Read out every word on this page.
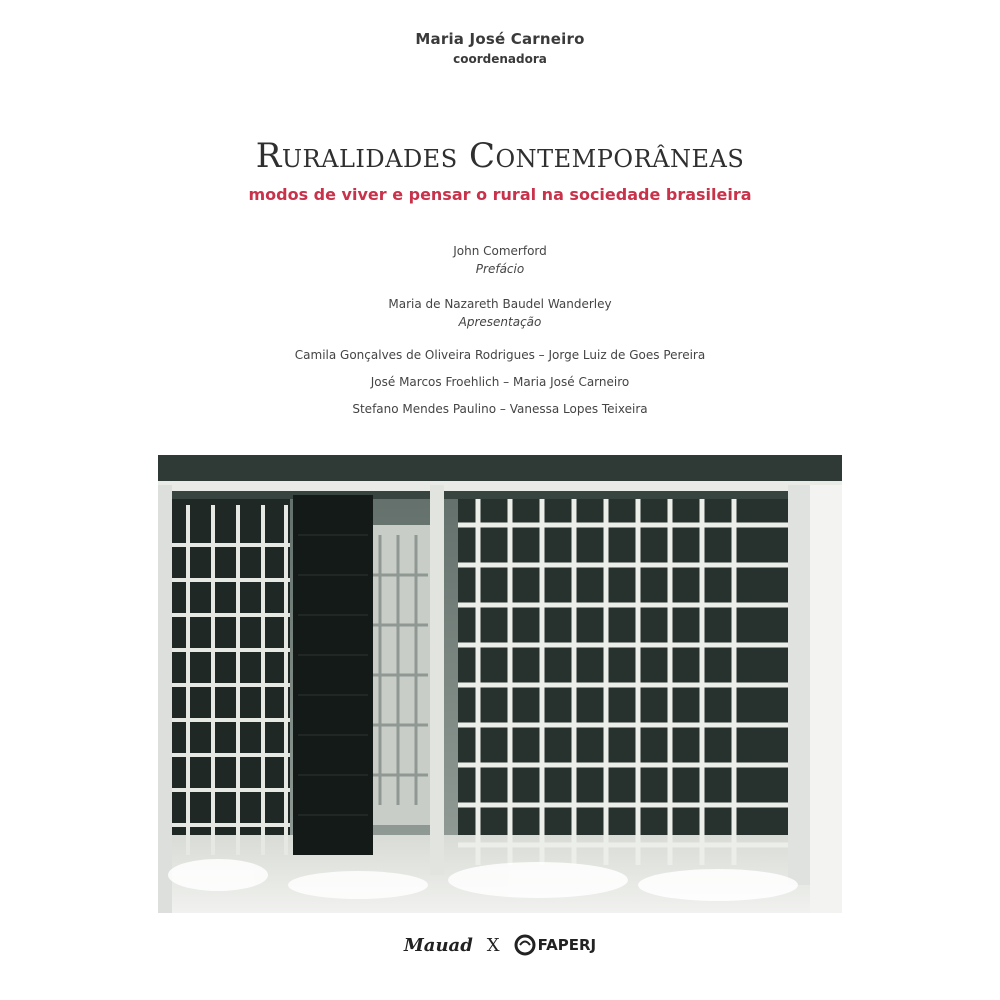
Maria José Carneiro
coordenadora
Ruralidades Contemporâneas
modos de viver e pensar o rural na sociedade brasileira
John Comerford
Prefácio
Maria de Nazareth Baudel Wanderley
Apresentação
Camila Gonçalves de Oliveira Rodrigues – Jorge Luiz de Goes Pereira
José Marcos Froehlich – Maria José Carneiro
Stefano Mendes Paulino – Vanessa Lopes Teixeira
Mauad X	FAPERJ
